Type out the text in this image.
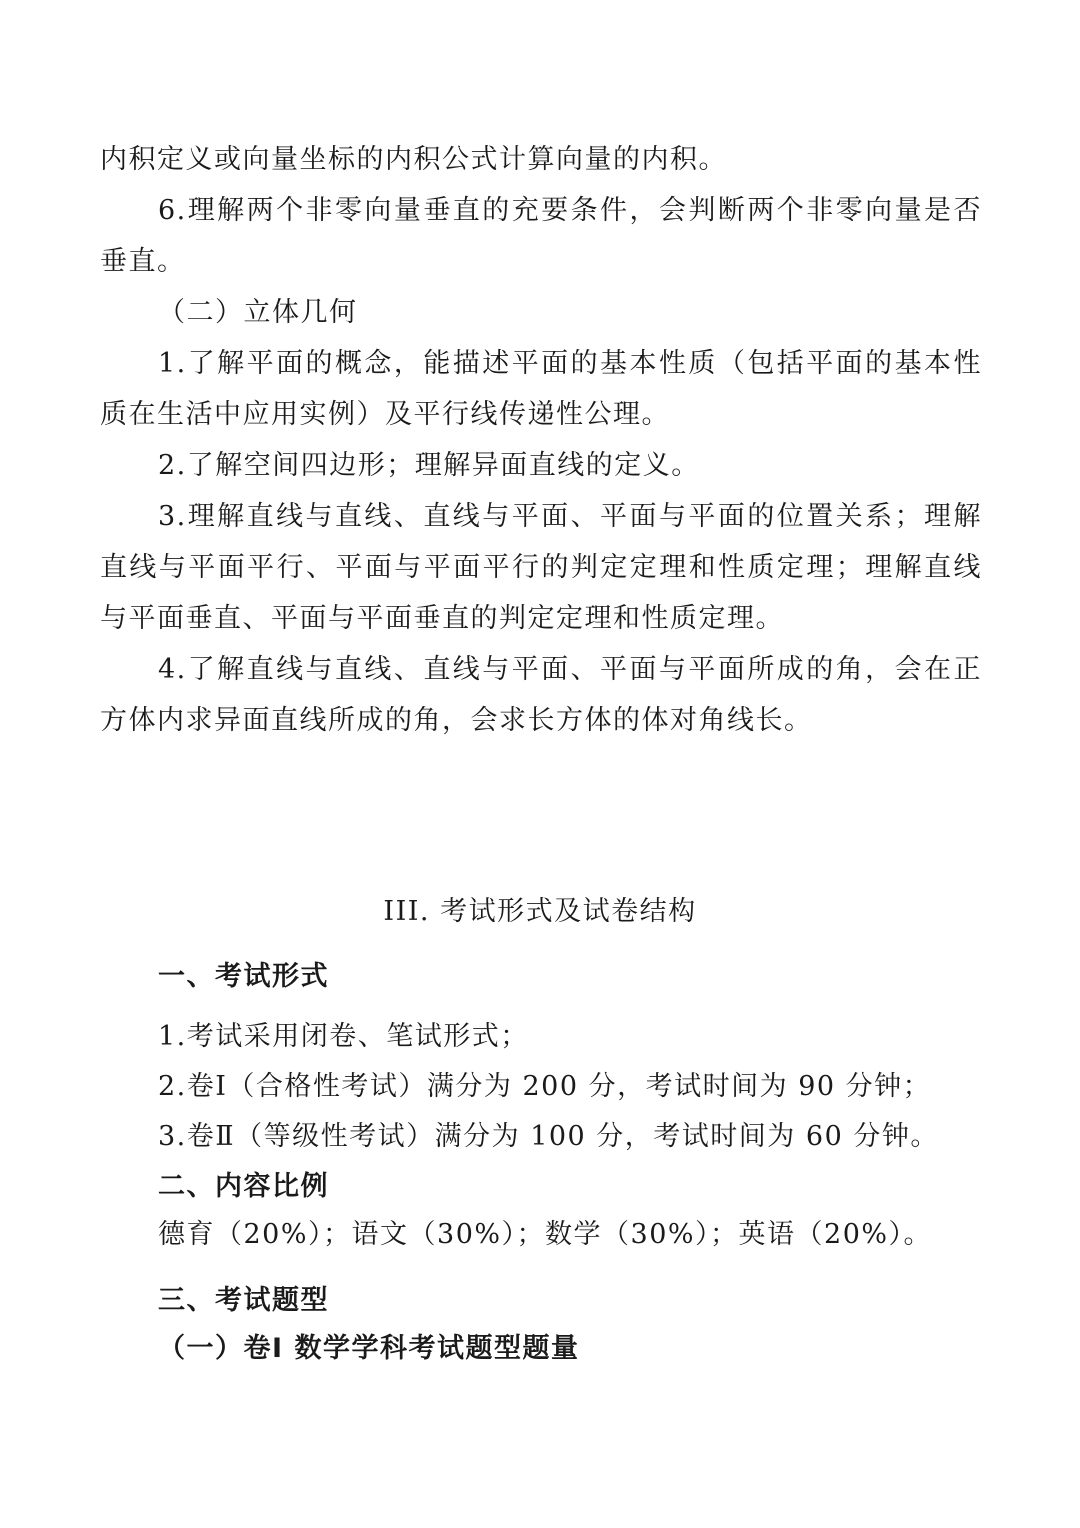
内积定义或向量坐标的内积公式计算向量的内积。
6.理解两个非零向量垂直的充要条件，会判断两个非零向量是否
垂直。
（二）立体几何
1.了解平面的概念，能描述平面的基本性质（包括平面的基本性
质在生活中应用实例）及平行线传递性公理。
2.了解空间四边形；理解异面直线的定义。
3.理解直线与直线、直线与平面、平面与平面的位置关系；理解
直线与平面平行、平面与平面平行的判定定理和性质定理；理解直线
与平面垂直、平面与平面垂直的判定定理和性质定理。
4.了解直线与直线、直线与平面、平面与平面所成的角，会在正
方体内求异面直线所成的角，会求长方体的体对角线长。
III. 考试形式及试卷结构
一、考试形式
1.考试采用闭卷、笔试形式；
2.卷Ⅰ（合格性考试）满分为 200 分，考试时间为 90 分钟；
3.卷Ⅱ（等级性考试）满分为 100 分，考试时间为 60 分钟。
二、内容比例
德育（20%）；语文（30%）；数学（30%）；英语（20%）。
三、考试题型
（一）卷Ⅰ 数学学科考试题型题量
